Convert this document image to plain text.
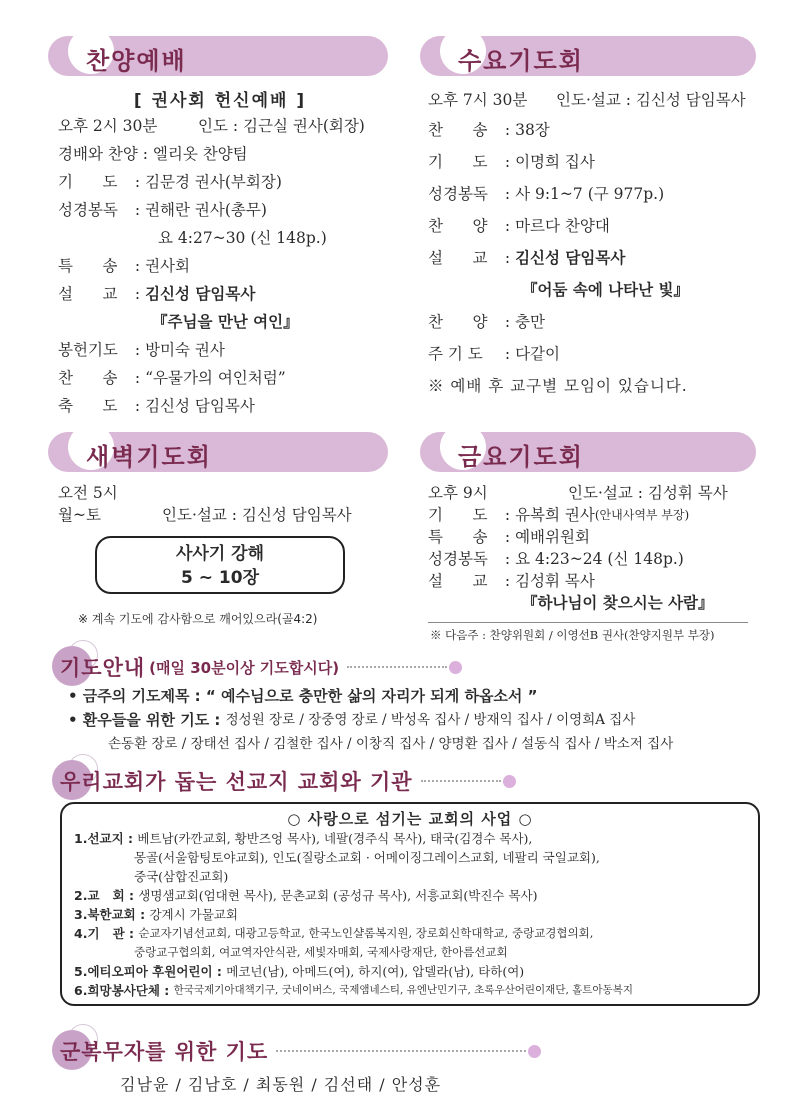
찬양예배
[ 권사회 헌신예배 ]
오후 2시 30분	인도 : 김근실 권사(회장)
경배와 찬양 : 엘리옷 찬양팀
기      도 : 김문경 권사(부회장)
성경봉독 : 권해란 권사(총무)
요 4:27~30 (신 148p.)
특      송 : 권사회
설      교 : 김신성 담임목사
『주님을 만난 여인』
봉헌기도 : 방미숙 권사
찬      송 : “우물가의 여인처럼”
축      도 : 김신성 담임목사
수요기도회
오후 7시 30분	인도·설교 : 김신성 담임목사
찬      송 : 38장
기      도 : 이명희 집사
성경봉독 : 사 9:1~7 (구 977p.)
찬      양 : 마르다 찬양대
설      교 : 김신성 담임목사
『어둠 속에 나타난 빛』
찬      양 : 충만
주 기 도	: 다같이
※ 예배 후 교구별 모임이 있습니다.
새벽기도회
오전 5시
월~토	인도·설교 : 김신성 담임목사
사사기 강해
5 ~ 10장
※ 계속 기도에 감사함으로 깨어있으라(골4:2)
금요기도회
오후 9시	인도·설교 : 김성휘 목사
기      도 : 유복희 권사 (안내사역부 부장)
특      송 : 예배위원회
성경봉독 : 요 4:23~24 (신 148p.)
설      교 : 김성휘 목사
『하나님이 찾으시는 사람』
※ 다음주 : 찬양위원회 / 이영선B 권사(찬양지원부 부장)
기도안내 (매일 30분이상 기도합시다)
• 금주의 기도제목 : “ 예수님으로 충만한 삶의 자리가 되게 하옵소서 ”
• 환우들을 위한 기도 : 정성원 장로 / 장중영 장로 / 박성옥 집사 / 방재익 집사 / 이영희A 집사
손동환 장로 / 장태선 집사 / 김철한 집사 / 이창직 집사 / 양명환 집사 / 설동식 집사 / 박소저 집사
우리교회가 돕는 선교지 교회와 기관
○ 사랑으로 섬기는 교회의 사업 ○
1.선교지 : 베트남(카깐교회, 황반즈엉 목사), 네팔(경주식 목사), 태국(김경수 목사),
몽골(서울함팅토야교회), 인도(질랑소교회 · 어메이징그레이스교회, 네팔리 국일교회),
중국(삼합진교회)
2.교   회 : 생명샘교회(엄대현 목사), 문촌교회 (공성규 목사), 서흥교회(박진수 목사)
3.북한교회 : 강계시 가물교회
4.기   관 : 순교자기념선교회, 대광고등학교, 한국노인샬롬복지원, 장로회신학대학교, 중랑교경협의회,
중랑교구협의회, 여교역자안식관, 세빛자매회, 국제사랑재단, 한아름선교회
5.에티오피아 후원어린이 : 메코넌(남), 아메드(여), 하지(여), 압델라(남), 타하(여)
6.희망봉사단체 : 한국국제기아대책기구, 굿네이버스, 국제앰네스티, 유엔난민기구, 초록우산어린이재단, 홀트아동복지
군복무자를 위한 기도
김남윤 / 김남호 / 최동원 / 김선태 / 안성훈
